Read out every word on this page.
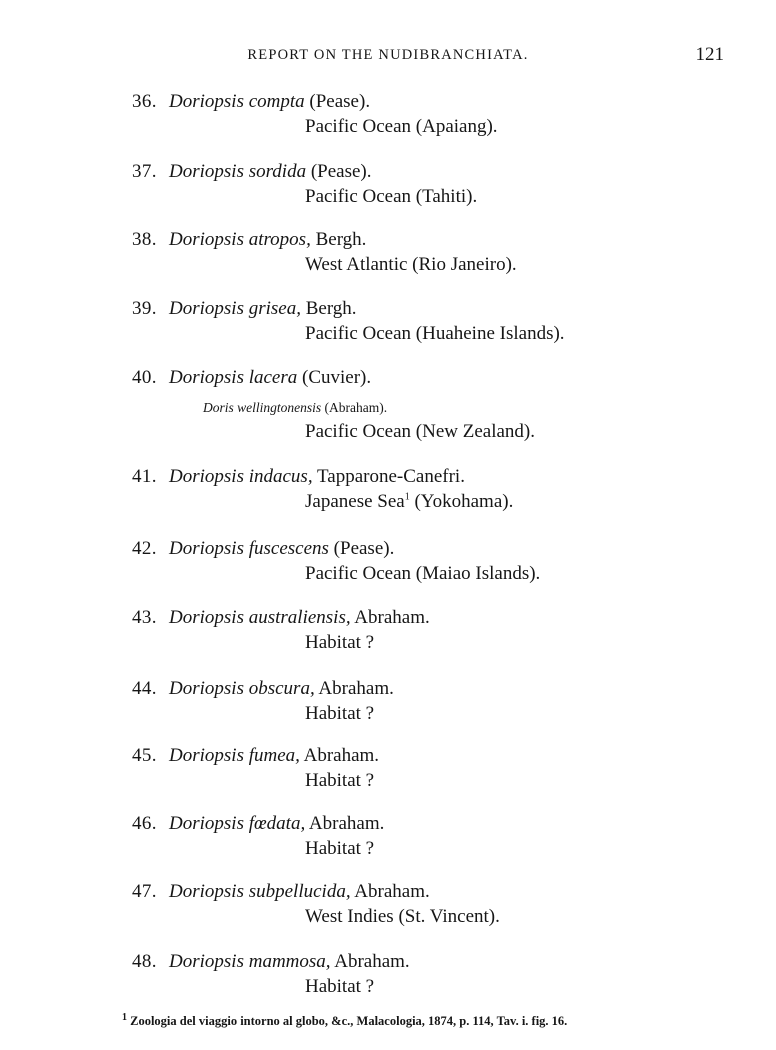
REPORT ON THE NUDIBRANCHIATA.	121
36. Doriopsis compta (Pease).
Pacific Ocean (Apaiang).
37. Doriopsis sordida (Pease).
Pacific Ocean (Tahiti).
38. Doriopsis atropos, Bergh.
West Atlantic (Rio Janeiro).
39. Doriopsis grisea, Bergh.
Pacific Ocean (Huaheine Islands).
40. Doriopsis lacera (Cuvier).
Doris wellingtonensis (Abraham).
Pacific Ocean (New Zealand).
41. Doriopsis indacus, Tapparone-Canefri.
Japanese Sea$^1$ (Yokohama).
42. Doriopsis fuscescens (Pease).
Pacific Ocean (Maiao Islands).
43. Doriopsis australiensis, Abraham.
Habitat ?
44. Doriopsis obscura, Abraham.
Habitat ?
45. Doriopsis fumea, Abraham.
Habitat ?
46. Doriopsis fœdata, Abraham.
Habitat ?
47. Doriopsis subpellucida, Abraham.
West Indies (St. Vincent).
48. Doriopsis mammosa, Abraham.
Habitat ?
$^1$ Zoologia del viaggio intorno al globo, &c., Malacologia, 1874, p. 114, Tav. i. fig. 16.
